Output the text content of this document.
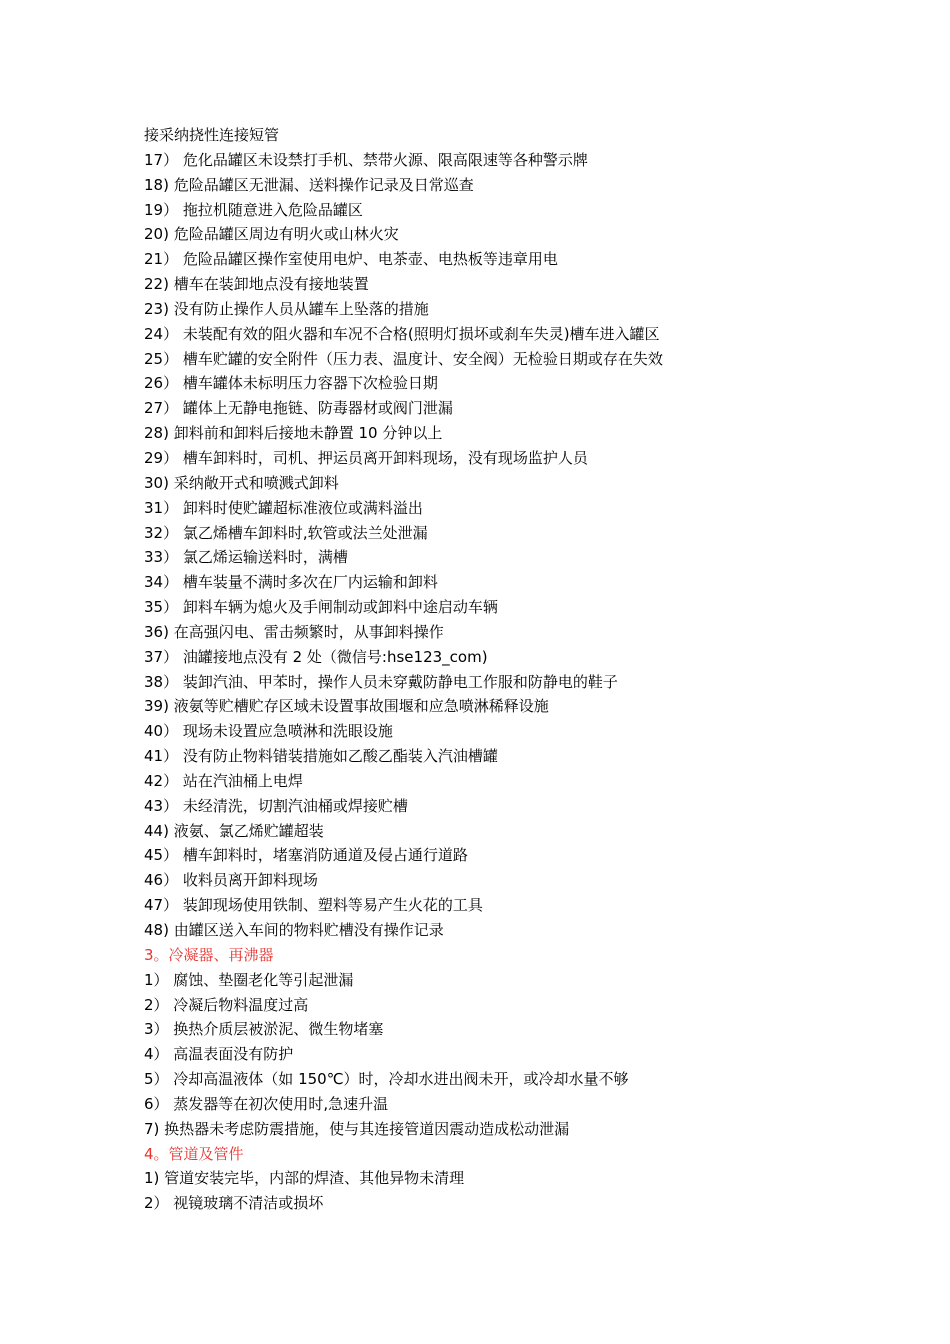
接采纳挠性连接短管
17） 危化品罐区未设禁打手机、禁带火源、限高限速等各种警示牌
18) 危险品罐区无泄漏、送料操作记录及日常巡查
19） 拖拉机随意进入危险品罐区
20) 危险品罐区周边有明火或山林火灾
21） 危险品罐区操作室使用电炉、电茶壶、电热板等违章用电
22) 槽车在装卸地点没有接地装置
23) 没有防止操作人员从罐车上坠落的措施
24） 未装配有效的阻火器和车况不合格(照明灯损坏或刹车失灵)槽车进入罐区
25） 槽车贮罐的安全附件（压力表、温度计、安全阀）无检验日期或存在失效
26） 槽车罐体未标明压力容器下次检验日期
27） 罐体上无静电拖链、防毒器材或阀门泄漏
28) 卸料前和卸料后接地未静置 10 分钟以上
29） 槽车卸料时，司机、押运员离开卸料现场，没有现场监护人员
30) 采纳敞开式和喷溅式卸料
31） 卸料时使贮罐超标准液位或满料溢出
32） 氯乙烯槽车卸料时,软管或法兰处泄漏
33） 氯乙烯运输送料时，满槽
34） 槽车装量不满时多次在厂内运输和卸料
35） 卸料车辆为熄火及手闸制动或卸料中途启动车辆
36) 在高强闪电、雷击频繁时，从事卸料操作
37） 油罐接地点没有 2 处（微信号:hse123_com)
38） 装卸汽油、甲苯时，操作人员未穿戴防静电工作服和防静电的鞋子
39) 液氨等贮槽贮存区域未设置事故围堰和应急喷淋稀释设施
40） 现场未设置应急喷淋和洗眼设施
41） 没有防止物料错装措施如乙酸乙酯装入汽油槽罐
42） 站在汽油桶上电焊
43） 未经清洗，切割汽油桶或焊接贮槽
44) 液氨、氯乙烯贮罐超装
45） 槽车卸料时，堵塞消防通道及侵占通行道路
46） 收料员离开卸料现场
47） 装卸现场使用铁制、塑料等易产生火花的工具
48) 由罐区送入车间的物料贮槽没有操作记录
3。冷凝器、再沸器
1） 腐蚀、垫圈老化等引起泄漏
2） 冷凝后物料温度过高
3） 换热介质层被淤泥、微生物堵塞
4） 高温表面没有防护
5） 冷却高温液体（如 150℃）时，冷却水进出阀未开，或冷却水量不够
6） 蒸发器等在初次使用时,急速升温
7) 换热器未考虑防震措施，使与其连接管道因震动造成松动泄漏
4。管道及管件
1) 管道安装完毕，内部的焊渣、其他异物未清理
2） 视镜玻璃不清洁或损坏
